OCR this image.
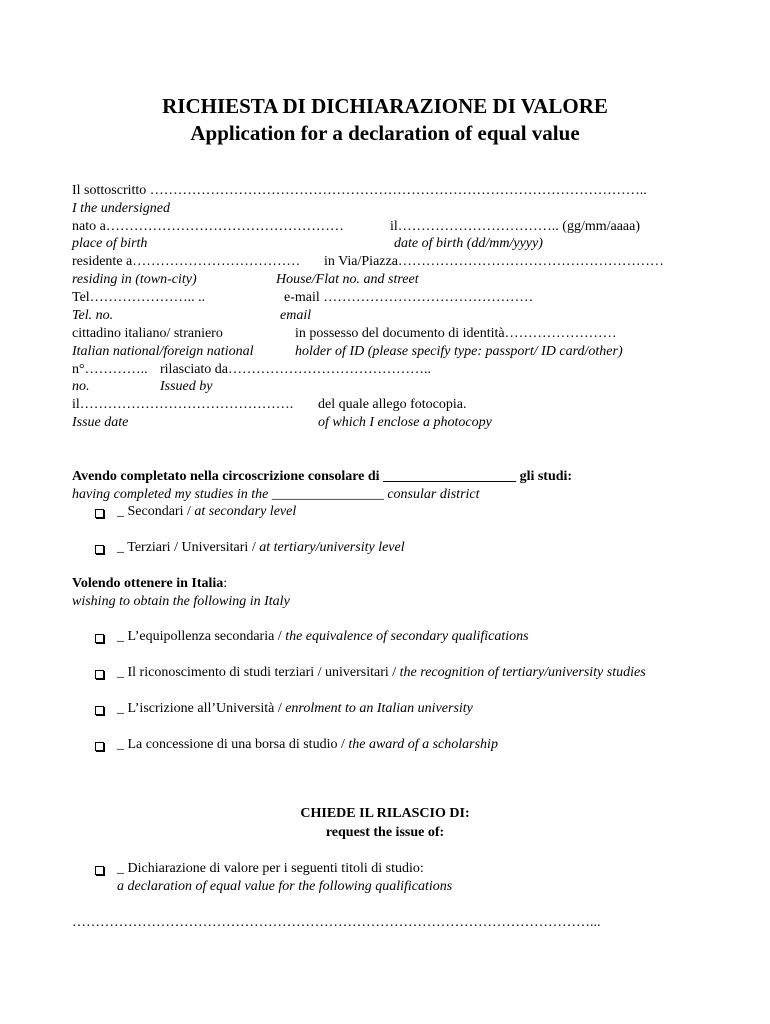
RICHIESTA DI DICHIARAZIONE DI VALORE
Application for a declaration of equal value
Il sottoscritto ……………………………………………………………………………………………..
I the undersigned
nato a……………………………………………	il…………………………….. (gg/mm/aaaa)
place of birth	date of birth (dd/mm/yyyy)
residente a……………………………… in Via/Piazza…………………………………………………
residing in (town-city)	House/Flat no. and street
Tel………………….. ..	e-mail ………………………………………
Tel. no.	email
cittadino italiano/ straniero	in possesso del documento di identità……………………
Italian national/foreign national	holder of ID (please specify type: passport/ ID card/other)
n°………….. rilasciato da……………………………………..
no.	Issued by
il………………………………………. del quale allego fotocopia.
Issue date	of which I enclose a photocopy
Avendo completato nella circoscrizione consolare di ___________________ gli studi:
having completed my studies in the ________________ consular district
_ Secondari / at secondary level
_ Terziari / Universitari / at tertiary/university level
Volendo ottenere in Italia:
wishing to obtain the following in Italy
_ L’equipollenza secondaria / the equivalence of secondary qualifications
_ Il riconoscimento di studi terziari / universitari / the recognition of tertiary/university studies
_ L’iscrizione all’Università / enrolment to an Italian university
_ La concessione di una borsa di studio / the award of a scholarship
CHIEDE IL RILASCIO DI:
request the issue of:
_ Dichiarazione di valore per i seguenti titoli di studio:
a declaration of equal value for the following qualifications
…………………………………………………………………………………………………...
